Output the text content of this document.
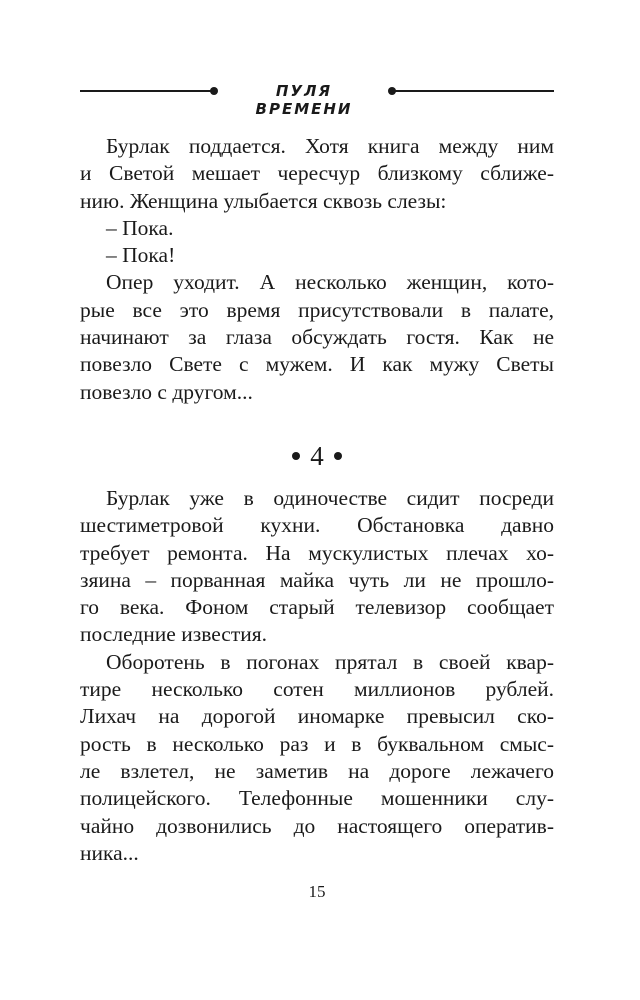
ПУЛЯ ВРЕМЕНИ
Бурлак поддается. Хотя книга между ним
и Светой мешает чересчур близкому сближе-
нию. Женщина улыбается сквозь слезы:
– Пока.
– Пока!
Опер уходит. А несколько женщин, кото-
рые все это время присутствовали в палате,
начинают за глаза обсуждать гостя. Как не
повезло Свете с мужем. И как мужу Светы
повезло с другом...
4
Бурлак уже в одиночестве сидит посреди
шестиметровой кухни. Обстановка давно
требует ремонта. На мускулистых плечах хо-
зяина – порванная майка чуть ли не прошло-
го века. Фоном старый телевизор сообщает
последние известия.
Оборотень в погонах прятал в своей квар-
тире несколько сотен миллионов рублей.
Лихач на дорогой иномарке превысил ско-
рость в несколько раз и в буквальном смыс-
ле взлетел, не заметив на дороге лежачего
полицейского. Телефонные мошенники слу-
чайно дозвонились до настоящего оператив-
ника...
15
